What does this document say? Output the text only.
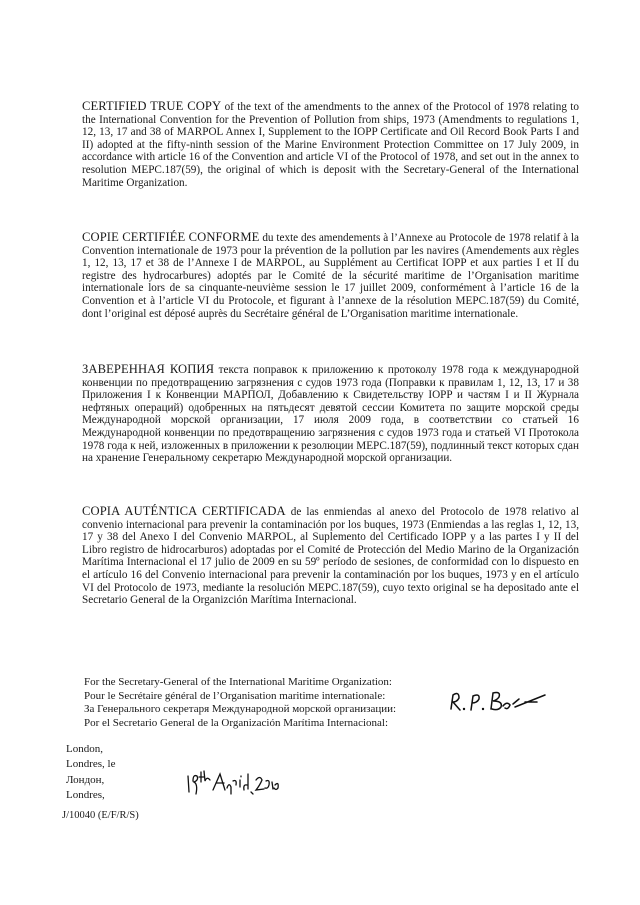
CERTIFIED TRUE COPY of the text of the amendments to the annex of the Protocol of 1978 relating to the International Convention for the Prevention of Pollution from ships, 1973 (Amendments to regulations 1, 12, 13, 17 and 38 of MARPOL Annex I, Supplement to the IOPP Certificate and Oil Record Book Parts I and II) adopted at the fifty-ninth session of the Marine Environment Protection Committee on 17 July 2009, in accordance with article 16 of the Convention and article VI of the Protocol of 1978, and set out in the annex to resolution MEPC.187(59), the original of which is deposit with the Secretary-General of the International Maritime Organization.

COPIE CERTIFIÉE CONFORME du texte des amendements à l’Annexe au Protocole de 1978 relatif à la Convention internationale de 1973 pour la prévention de la pollution par les navires (Amendements aux règles 1, 12, 13, 17 et 38 de l’Annexe I de MARPOL, au Supplément au Certificat IOPP et aux parties I et II du registre des hydrocarbures) adoptés par le Comité de la sécurité maritime de l’Organisation maritime internationale lors de sa cinquante-neuvième session le 17 juillet 2009, conformément à l’article 16 de la Convention et à l’article VI du Protocole, et figurant à l’annexe de la résolution MEPC.187(59) du Comité, dont l’original est déposé auprès du Secrétaire général de L’Organisation maritime internationale.

ЗАВЕРЕННАЯ КОПИЯ текста поправок к приложению к протоколу 1978 года к международной конвенции по предотвращению загрязнения с судов 1973 года (Поправки к правилам 1, 12, 13, 17 и 38 Приложения I к Конвенции МАРПОЛ, Добавлению к Свидетельству IOPP и частям I и II Журнала нефтяных операций) одобренных на пятьдесят девятой сессии Комитета по защите морской среды Международной морской организации, 17 июля 2009 года, в соответствии со статьей 16 Международной конвенции по предотвращению загрязнения с судов 1973 года и статьей VI Протокола 1978 года к ней, изложенных в приложении к резолюции МЕРС.187(59), подлинный текст которых сдан на хранение Генеральному секретарю Международной морской организации.

COPIA AUTÉNTICA CERTIFICADA de las enmiendas al anexo del Protocolo de 1978 relativo al convenio internacional para prevenir la contaminación por los buques, 1973 (Enmiendas a las reglas 1, 12, 13, 17 y 38 del Anexo I del Convenio MARPOL, al Suplemento del Certificado IOPP y a las partes I y II del Libro registro de hidrocarburos) adoptadas por el Comité de Protección del Medio Marino de la Organización Marítima Internacional el 17 julio de 2009 en su 59º período de sesiones, de conformidad con lo dispuesto en el artículo 16 del Convenio internacional para prevenir la contaminación por los buques, 1973 y en el artículo VI del Protocolo de 1973, mediante la resolución MEPC.187(59), cuyo texto original se ha depositado ante el Secretario General de la Organizción Marítima Internacional.

For the Secretary-General of the International Maritime Organization:
Pour le Secrétaire général de l’Organisation maritime internationale:
За Генерального секретаря Международной морской организации:
Por el Secretario General de la Organización Marítima Internacional:
London,
Londres, le
Лондон,
Londres,
J/10040 (E/F/R/S)
